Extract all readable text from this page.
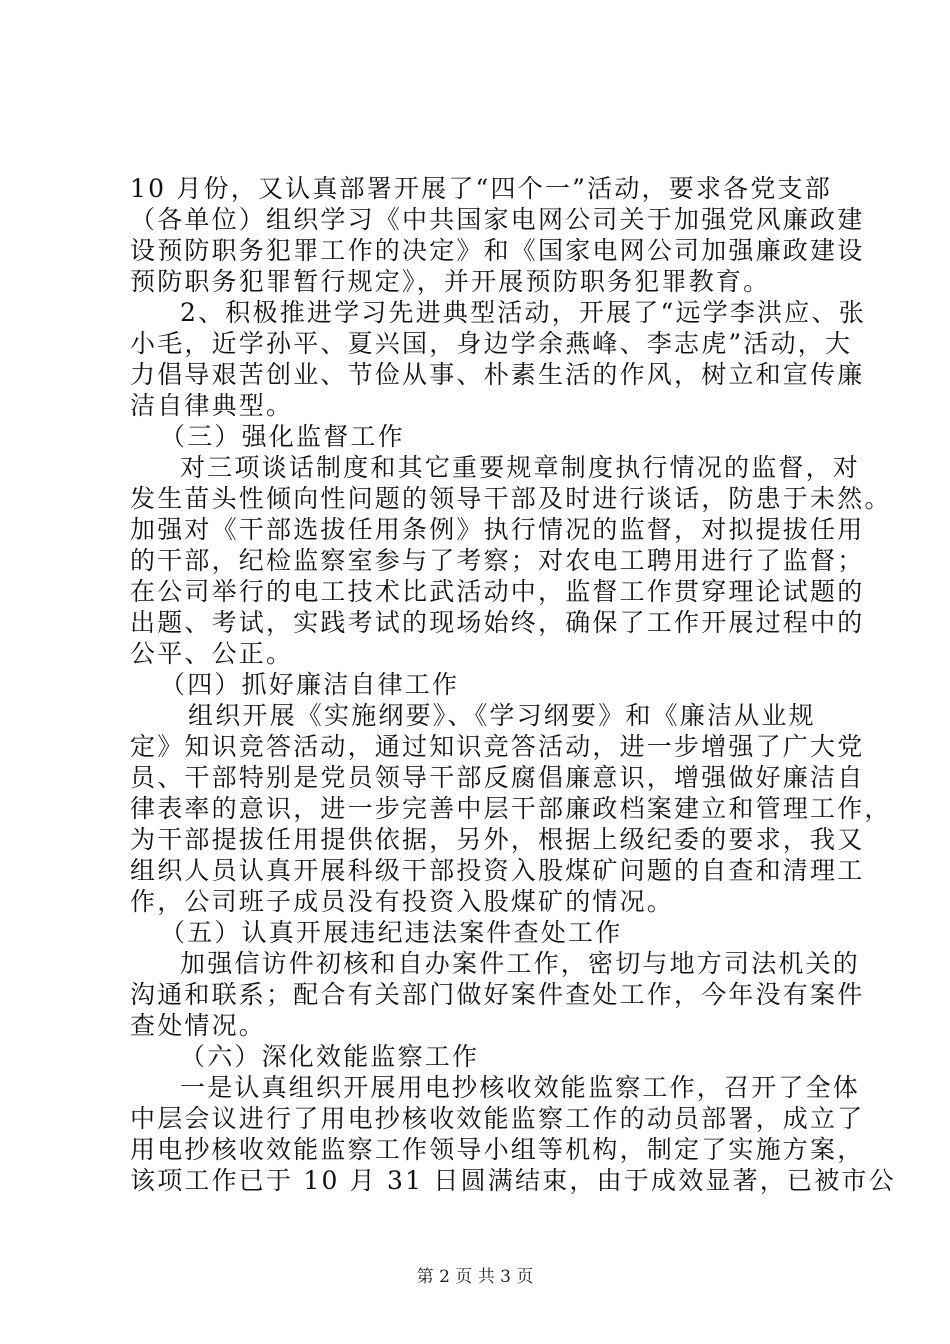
10 月份，又认真部署开展了“四个一”活动，要求各党支部
（各单位）组织学习《中共国家电网公司关于加强党风廉政建
设预防职务犯罪工作的决定》和《国家电网公司加强廉政建设
预防职务犯罪暂行规定》，并开展预防职务犯罪教育。
2、积极推进学习先进典型活动，开展了“远学李洪应、张
小毛，近学孙平、夏兴国，身边学余燕峰、李志虎”活动，大
力倡导艰苦创业、节俭从事、朴素生活的作风，树立和宣传廉
洁自律典型。
（三）强化监督工作
对三项谈话制度和其它重要规章制度执行情况的监督，对
发生苗头性倾向性问题的领导干部及时进行谈话，防患于未然。
加强对《干部选拔任用条例》执行情况的监督，对拟提拔任用
的干部，纪检监察室参与了考察；对农电工聘用进行了监督；
在公司举行的电工技术比武活动中，监督工作贯穿理论试题的
出题、考试，实践考试的现场始终，确保了工作开展过程中的
公平、公正。
（四）抓好廉洁自律工作
组织开展《实施纲要》、《学习纲要》和《廉洁从业规
定》知识竞答活动，通过知识竞答活动，进一步增强了广大党
员、干部特别是党员领导干部反腐倡廉意识，增强做好廉洁自
律表率的意识，进一步完善中层干部廉政档案建立和管理工作，
为干部提拔任用提供依据，另外，根据上级纪委的要求，我又
组织人员认真开展科级干部投资入股煤矿问题的自查和清理工
作，公司班子成员没有投资入股煤矿的情况。
（五）认真开展违纪违法案件查处工作
加强信访件初核和自办案件工作，密切与地方司法机关的
沟通和联系；配合有关部门做好案件查处工作，今年没有案件
查处情况。
（六）深化效能监察工作
一是认真组织开展用电抄核收效能监察工作，召开了全体
中层会议进行了用电抄核收效能监察工作的动员部署，成立了
用电抄核收效能监察工作领导小组等机构，制定了实施方案，
该项工作已于 10 月 31 日圆满结束，由于成效显著，已被市公
第 2 页 共 3 页
